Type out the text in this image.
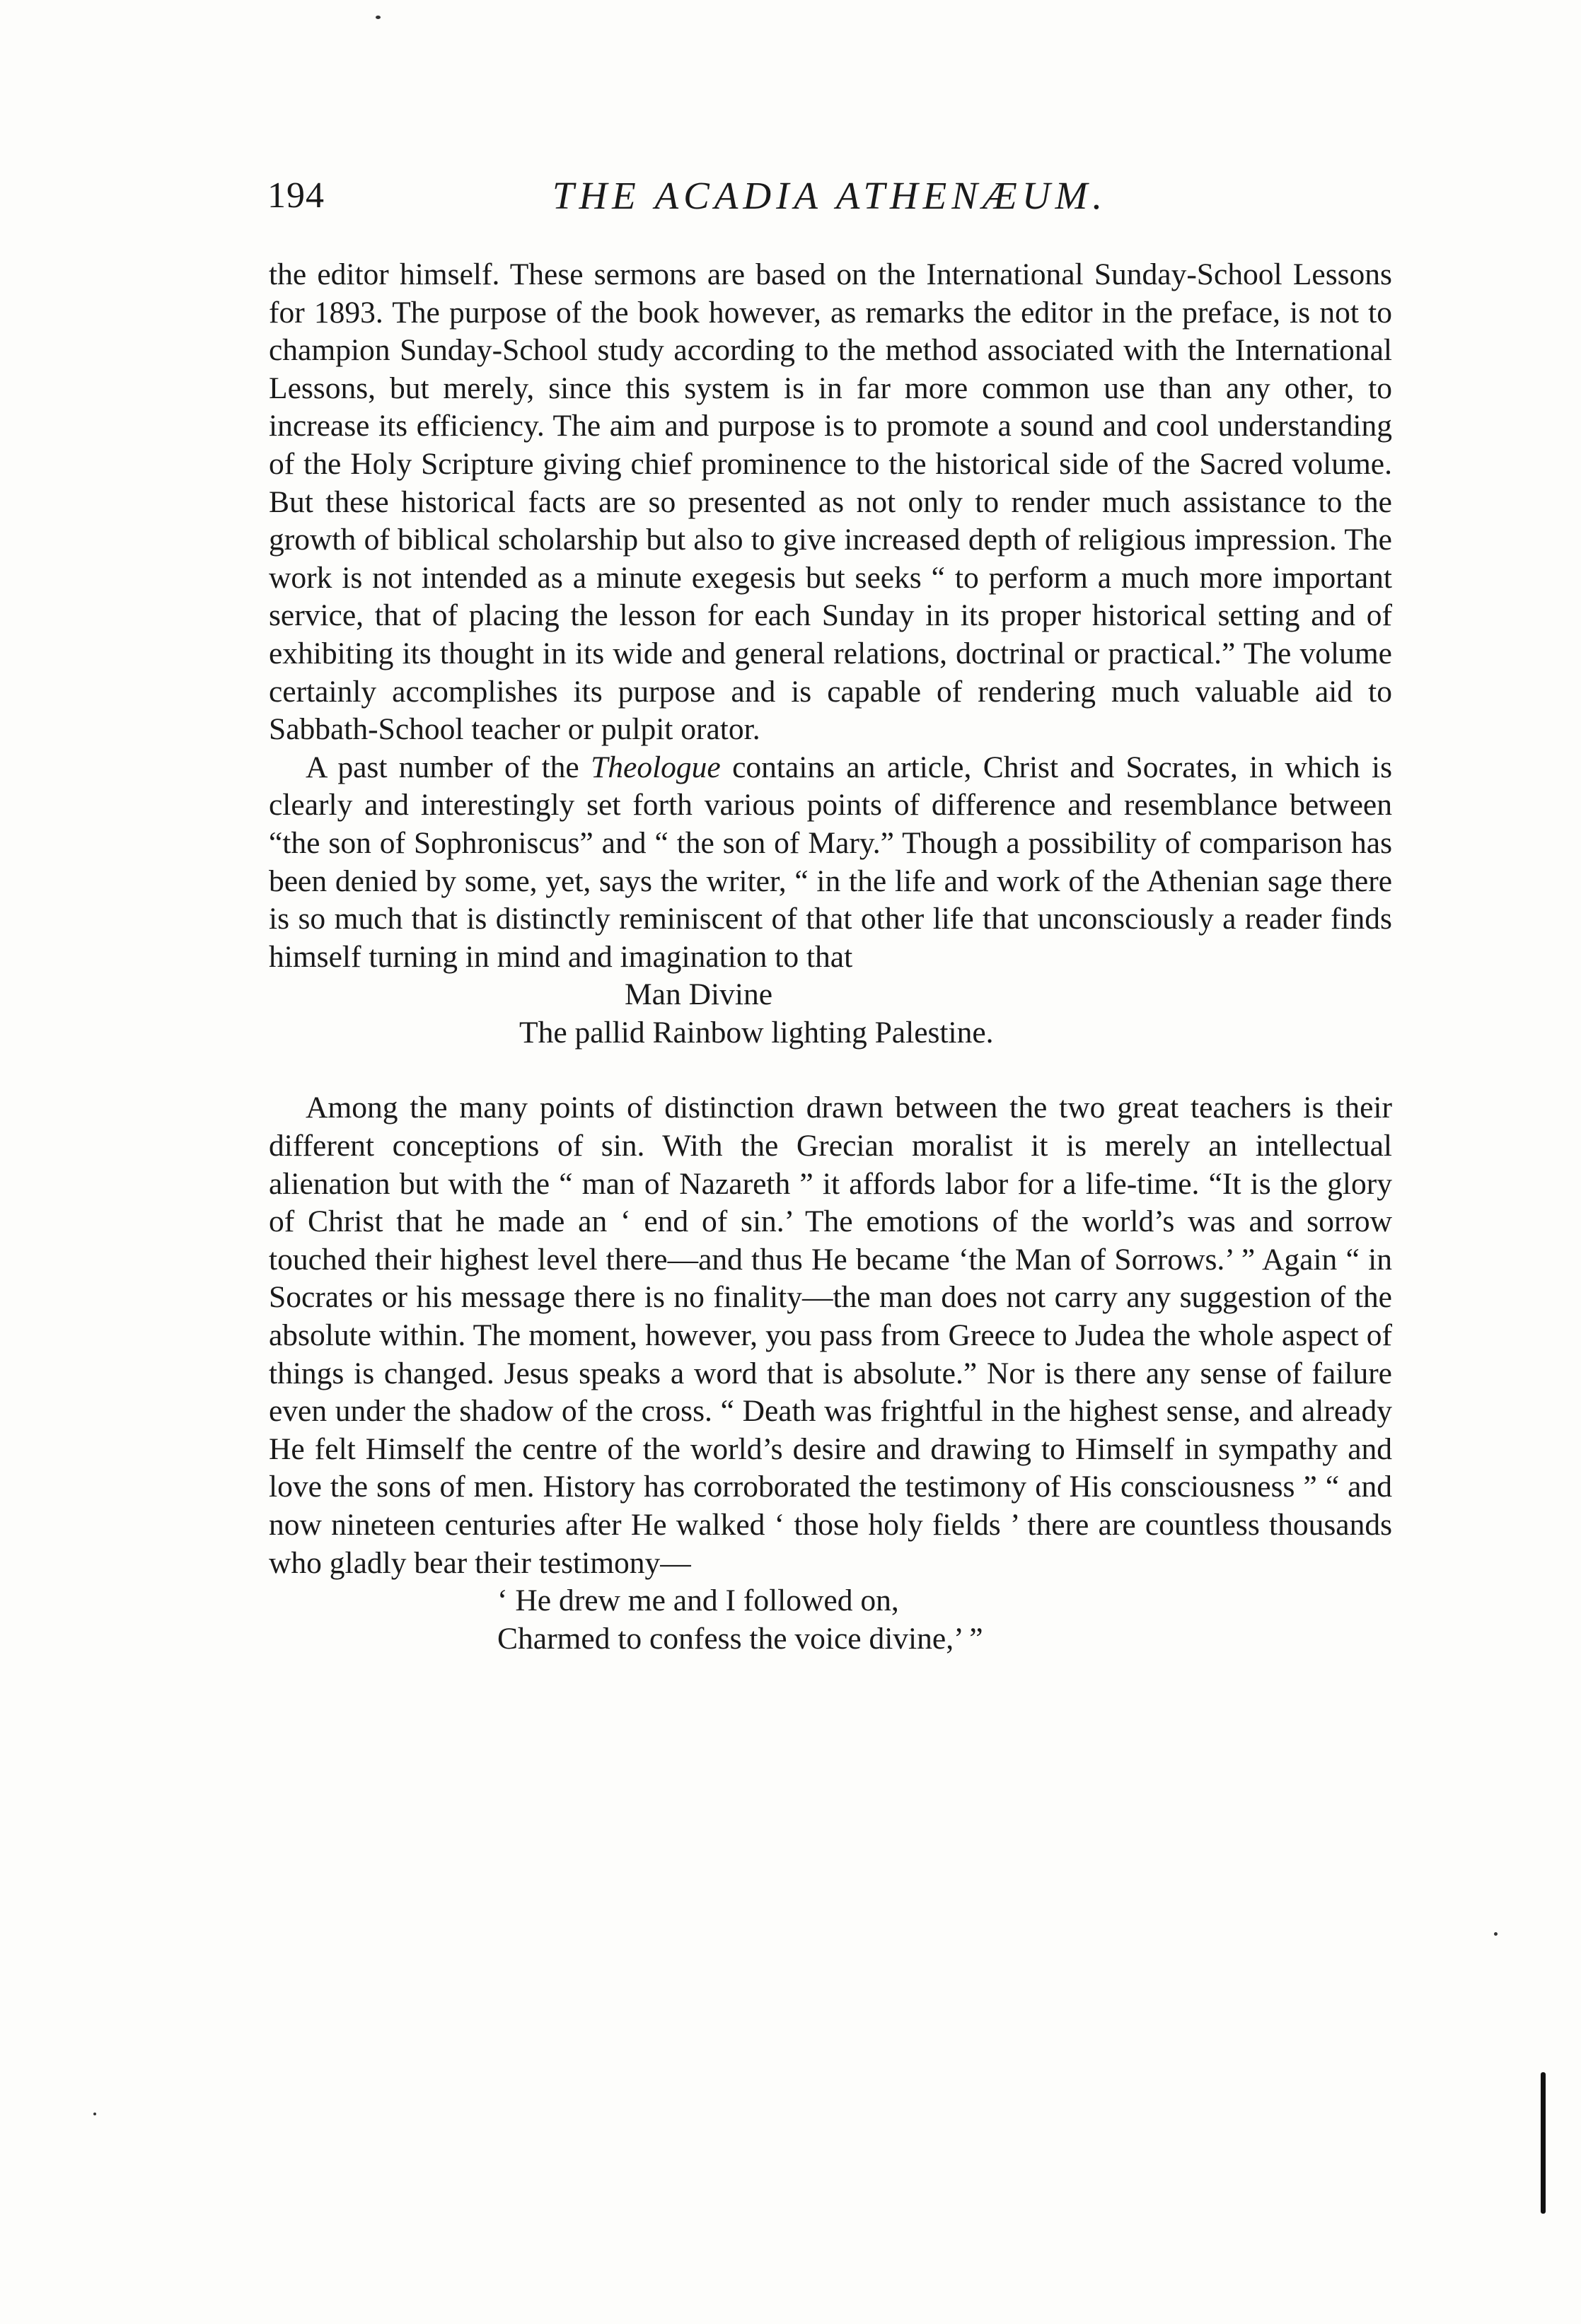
194	THE ACADIA ATHENÆUM.

the editor himself. These sermons are based on the International Sunday-School Lessons for 1893. The purpose of the book however, as remarks the editor in the preface, is not to champion Sunday-School study according to the method associated with the International Lessons, but merely, since this system is in far more common use than any other, to increase its efficiency. The aim and purpose is to promote a sound and cool understanding of the Holy Scripture giving chief prominence to the historical side of the Sacred volume. But these historical facts are so presented as not only to render much assistance to the growth of biblical scholarship but also to give increased depth of religious impression. The work is not intended as a minute exegesis but seeks “ to perform a much more important service, that of placing the lesson for each Sunday in its proper historical setting and of exhibiting its thought in its wide and general relations, doctrinal or practical.” The volume certainly accomplishes its purpose and is capable of rendering much valuable aid to Sabbath-School teacher or pulpit orator.

A past number of the Theologue contains an article, Christ and Socrates, in which is clearly and interestingly set forth various points of difference and resemblance between “the son of Sophroniscus” and “ the son of Mary.” Though a possibility of comparison has been denied by some, yet, says the writer, “ in the life and work of the Athenian sage there is so much that is distinctly reminiscent of that other life that unconsciously a reader finds himself turning in mind and imagination to that

Man Divine
The pallid Rainbow lighting Palestine.

Among the many points of distinction drawn between the two great teachers is their different conceptions of sin. With the Grecian moralist it is merely an intellectual alienation but with the “ man of Nazareth ” it affords labor for a life-time. “It is the glory of Christ that he made an ‘ end of sin.’ The emotions of the world’s was and sorrow touched their highest level there—and thus He became ‘the Man of Sorrows.’ ” Again “ in Socrates or his message there is no finality—the man does not carry any suggestion of the absolute within. The moment, however, you pass from Greece to Judea the whole aspect of things is changed. Jesus speaks a word that is absolute.” Nor is there any sense of failure even under the shadow of the cross. “ Death was frightful in the highest sense, and already He felt Himself the centre of the world’s desire and drawing to Himself in sympathy and love the sons of men. History has corroborated the testimony of His consciousness ” “ and now nineteen centuries after He walked ‘ those holy fields ’ there are countless thousands who gladly bear their testimony—

‘ He drew me and I followed on,
Charmed to confess the voice divine,’ ”
